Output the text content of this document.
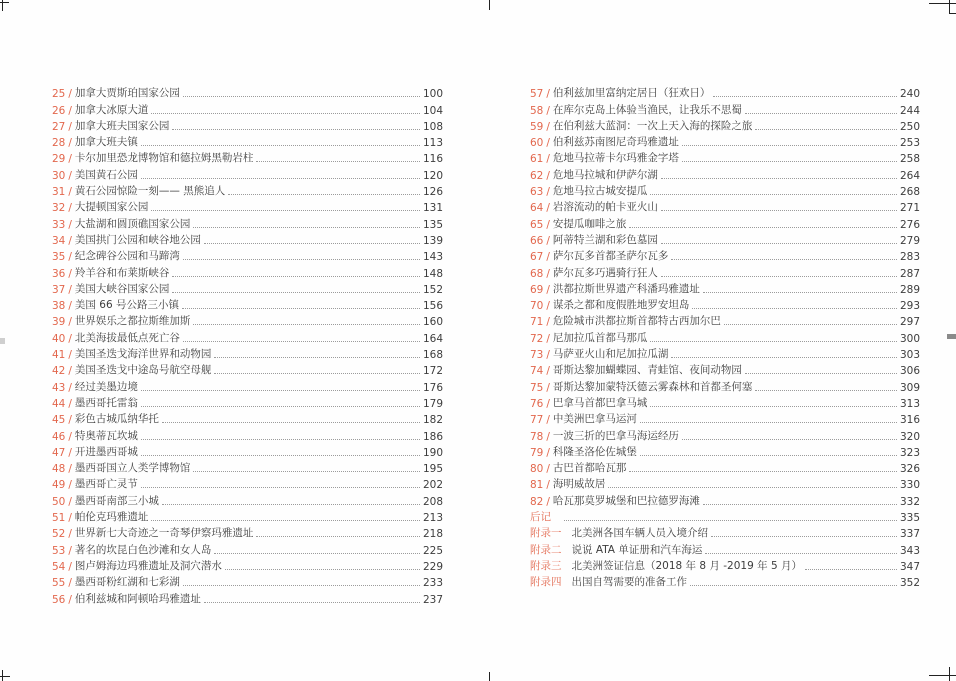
25 / 加拿大贾斯珀国家公园	100
26 / 加拿大冰原大道	104
27 / 加拿大班夫国家公园	108
28 / 加拿大班夫镇	113
29 / 卡尔加里恐龙博物馆和德拉姆黑勒岩柱	116
30 / 美国黄石公园	120
31 / 黄石公园惊险一刻—— 黑熊追人	126
32 / 大提顿国家公园	131
33 / 大盐湖和圆顶礁国家公园	135
34 / 美国拱门公园和峡谷地公园	139
35 / 纪念碑谷公园和马蹄湾	143
36 / 羚羊谷和布莱斯峡谷	148
37 / 美国大峡谷国家公园	152
38 / 美国 66 号公路三小镇	156
39 / 世界娱乐之都拉斯维加斯	160
40 / 北美海拔最低点死亡谷	164
41 / 美国圣迭戈海洋世界和动物园	168
42 / 美国圣迭戈中途岛号航空母舰	172
43 / 经过美墨边境	176
44 / 墨西哥托雷翁	179
45 / 彩色古城瓜纳华托	182
46 / 特奥蒂瓦坎城	186
47 / 开进墨西哥城	190
48 / 墨西哥国立人类学博物馆	195
49 / 墨西哥亡灵节	202
50 / 墨西哥南部三小城	208
51 / 帕伦克玛雅遗址	213
52 / 世界新七大奇迹之一奇琴伊察玛雅遗址	218
53 / 著名的坎昆白色沙滩和女人岛	225
54 / 图卢姆海边玛雅遗址及洞穴潜水	229
55 / 墨西哥粉红湖和七彩湖	233
56 / 伯利兹城和阿顿哈玛雅遗址	237
57 / 伯利兹加里富纳定居日（狂欢日）	240
58 / 在库尔克岛上体验当渔民，让我乐不思蜀	244
59 / 在伯利兹大蓝洞：一次上天入海的探险之旅	250
60 / 伯利兹苏南图尼奇玛雅遗址	253
61 / 危地马拉蒂卡尔玛雅金字塔	258
62 / 危地马拉城和伊萨尔湖	264
63 / 危地马拉古城安提瓜	268
64 / 岩溶流动的帕卡亚火山	271
65 / 安提瓜咖啡之旅	276
66 / 阿蒂特兰湖和彩色墓园	279
67 / 萨尔瓦多首都圣萨尔瓦多	283
68 / 萨尔瓦多巧遇骑行狂人	287
69 / 洪都拉斯世界遗产科潘玛雅遗址	289
70 / 谋杀之都和度假胜地罗安坦岛	293
71 / 危险城市洪都拉斯首都特古西加尔巴	297
72 / 尼加拉瓜首都马那瓜	300
73 / 马萨亚火山和尼加拉瓜湖	303
74 / 哥斯达黎加蝴蝶园、青蛙馆、夜间动物园	306
75 / 哥斯达黎加蒙特沃德云雾森林和首都圣何塞	309
76 / 巴拿马首都巴拿马城	313
77 / 中美洲巴拿马运河	316
78 / 一波三折的巴拿马海运经历	320
79 / 科隆圣洛伦佐城堡	323
80 / 古巴首都哈瓦那	326
81 / 海明威故居	330
82 / 哈瓦那莫罗城堡和巴拉德罗海滩	332
后记	335
附录一 北美洲各国车辆人员入境介绍	337
附录二 说说 ATA 单证册和汽车海运	343
附录三 北美洲签证信息（2018 年 8 月 -2019 年 5 月）	347
附录四 出国自驾需要的准备工作	352
